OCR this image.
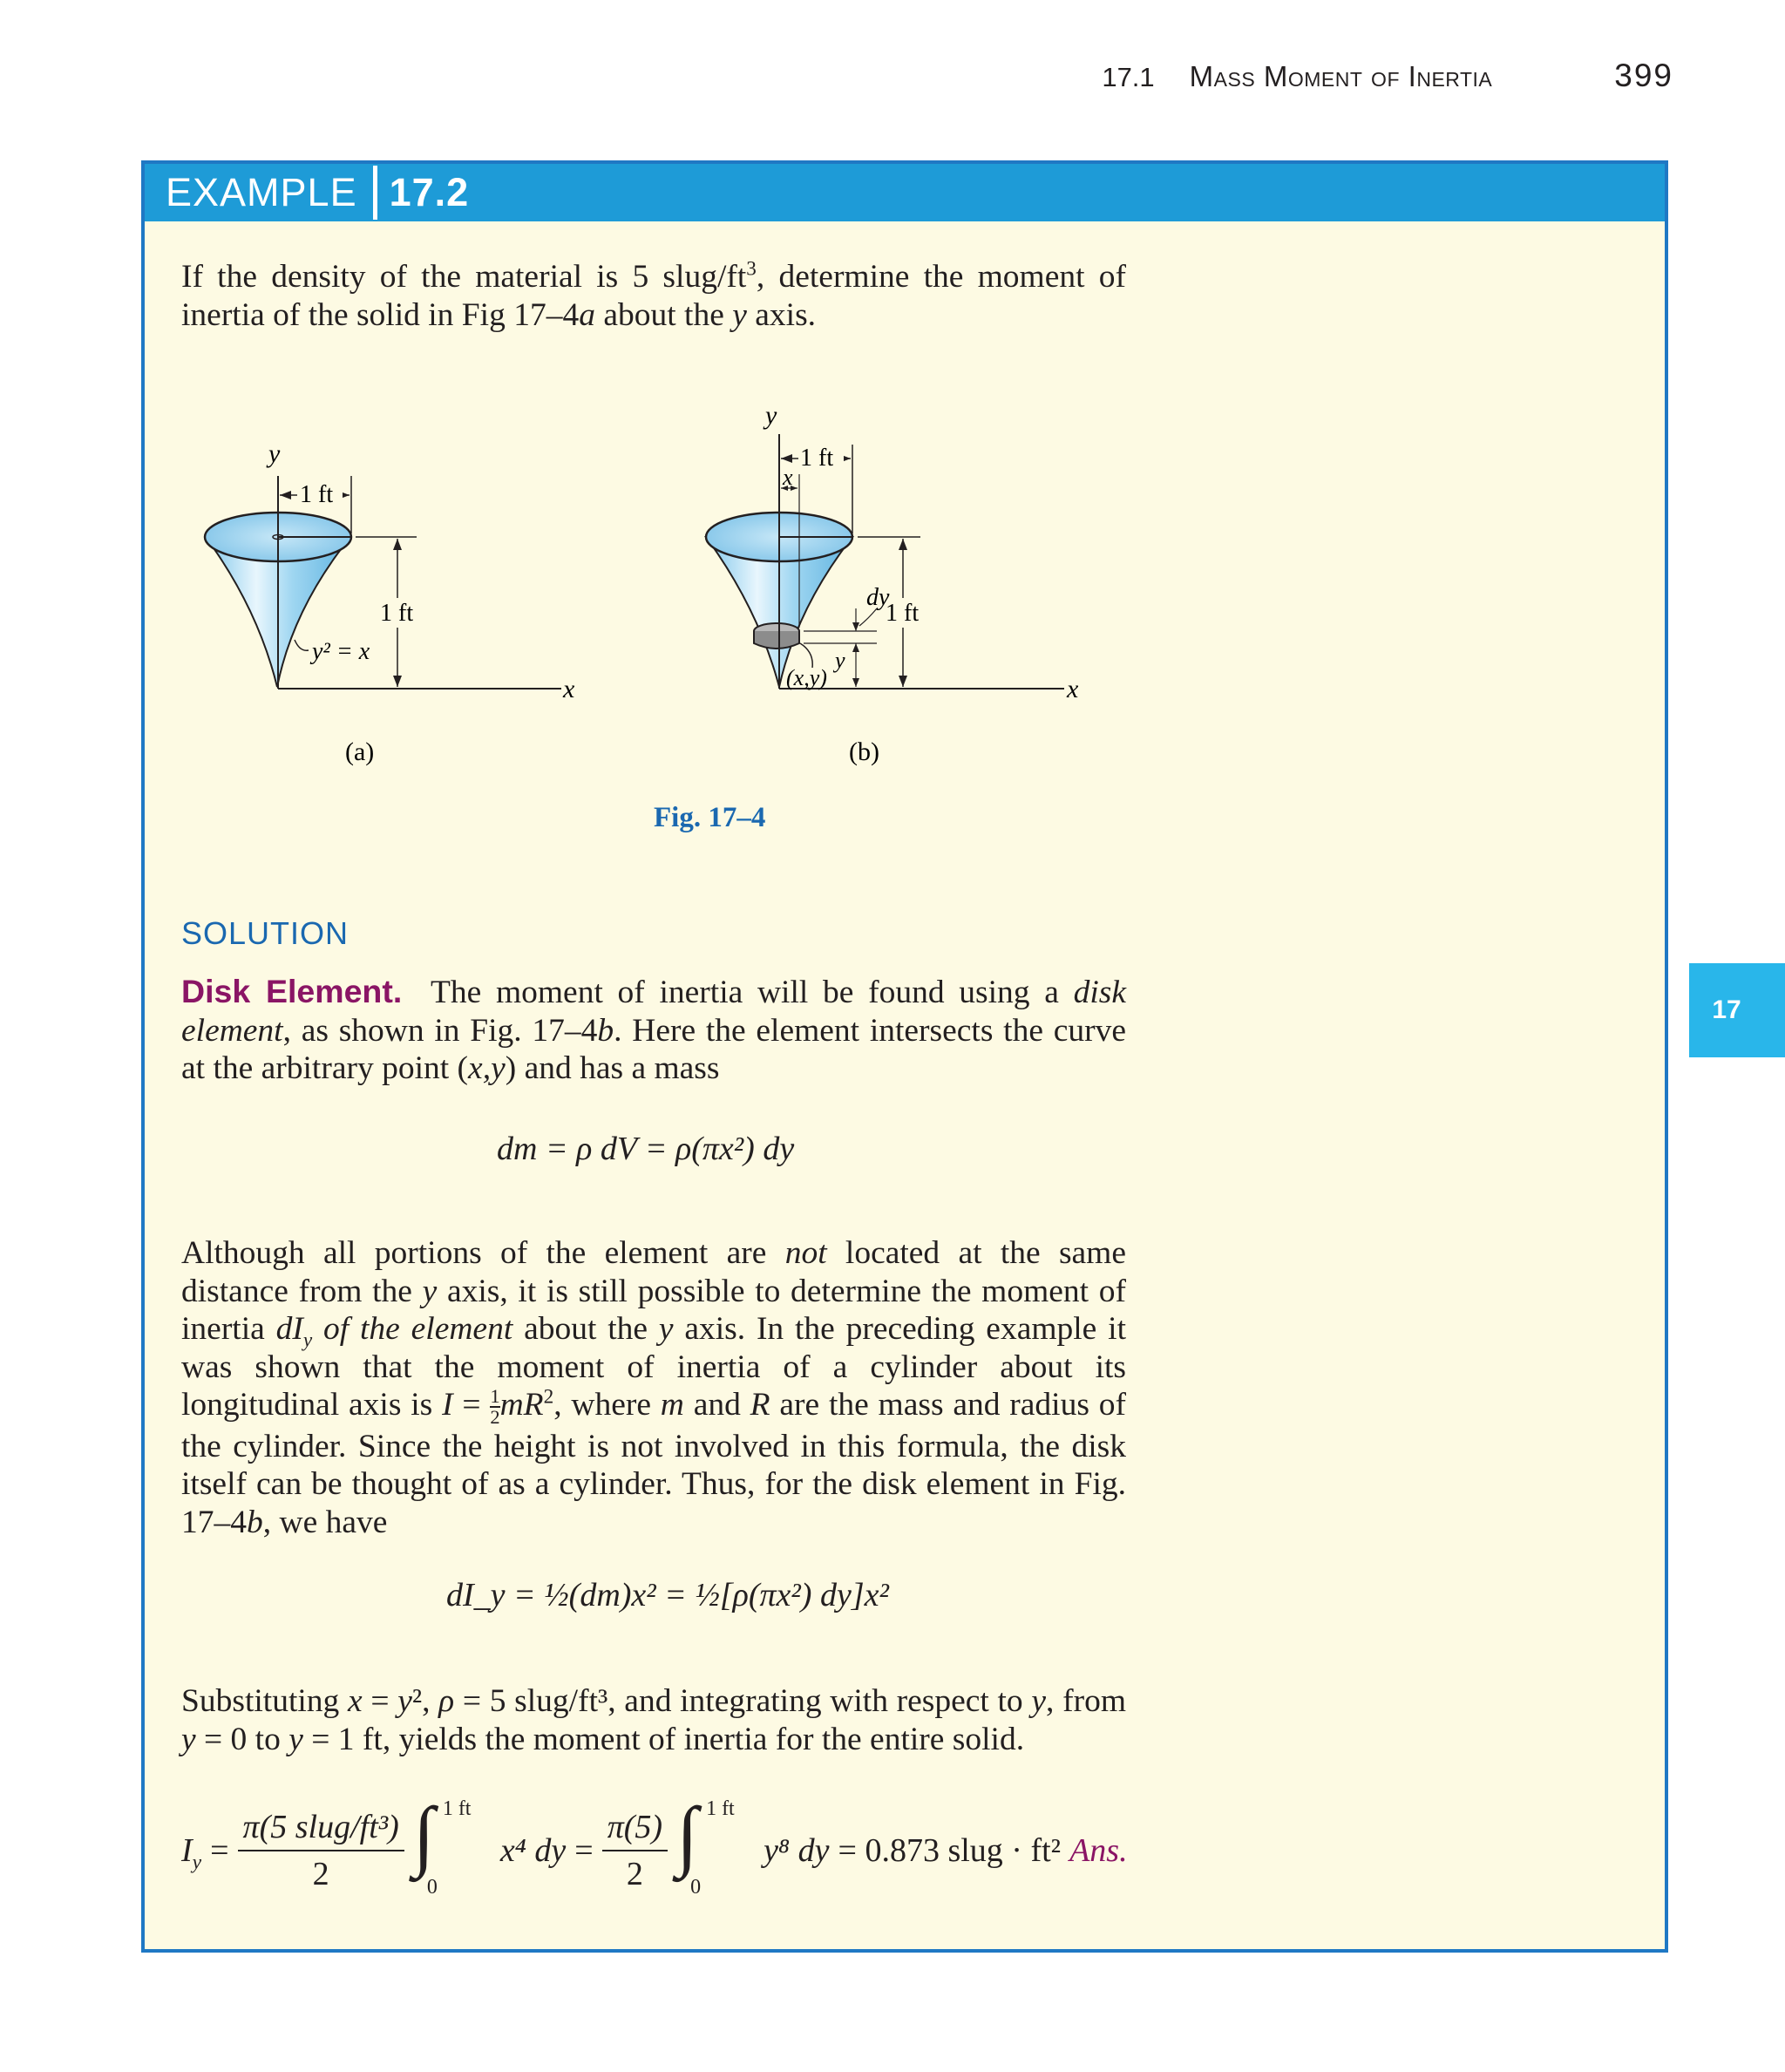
17.1 Mass Moment of Inertia	399
17
EXAMPLE 17.2
If the density of the material is 5 slug/$ft^3$, determine the moment of inertia of the solid in Fig 17–4a about the y axis.
y
x
1 ft
1 ft
y² = x
(a)
y
x
1 ft
x
dy
1 ft
y
(x,y)
(b)
Fig. 17–4
SOLUTION
Disk Element. The moment of inertia will be found using a disk element, as shown in Fig. 17–4b. Here the element intersects the curve at the arbitrary point (x,y) and has a mass
dm = ρ dV = ρ(πx²) dy
Although all portions of the element are not located at the same distance from the y axis, it is still possible to determine the moment of inertia $dI_y$ of the element about the y axis. In the preceding example it was shown that the moment of inertia of a cylinder about its longitudinal axis is $I = \frac{1}{2} mR^2$, where m and R are the mass and radius of the cylinder. Since the height is not involved in this formula, the disk itself can be thought of as a cylinder. Thus, for the disk element in Fig. 17–4b, we have
dI_y = ½(dm)x² = ½[ρ(πx²) dy]x²
Substituting x = y², ρ = 5 slug/ft³, and integrating with respect to y, from y = 0 to y = 1 ft, yields the moment of inertia for the entire solid.
$I_y = \frac{\text{π(5 slug/ft³)}}{2}$ ∫ 1 ft
0
x⁴ dy = $\frac{\pi(5)}{2}$ ∫ 1 ft
0
y⁸ dy = 0.873 slug · ft² Ans.
